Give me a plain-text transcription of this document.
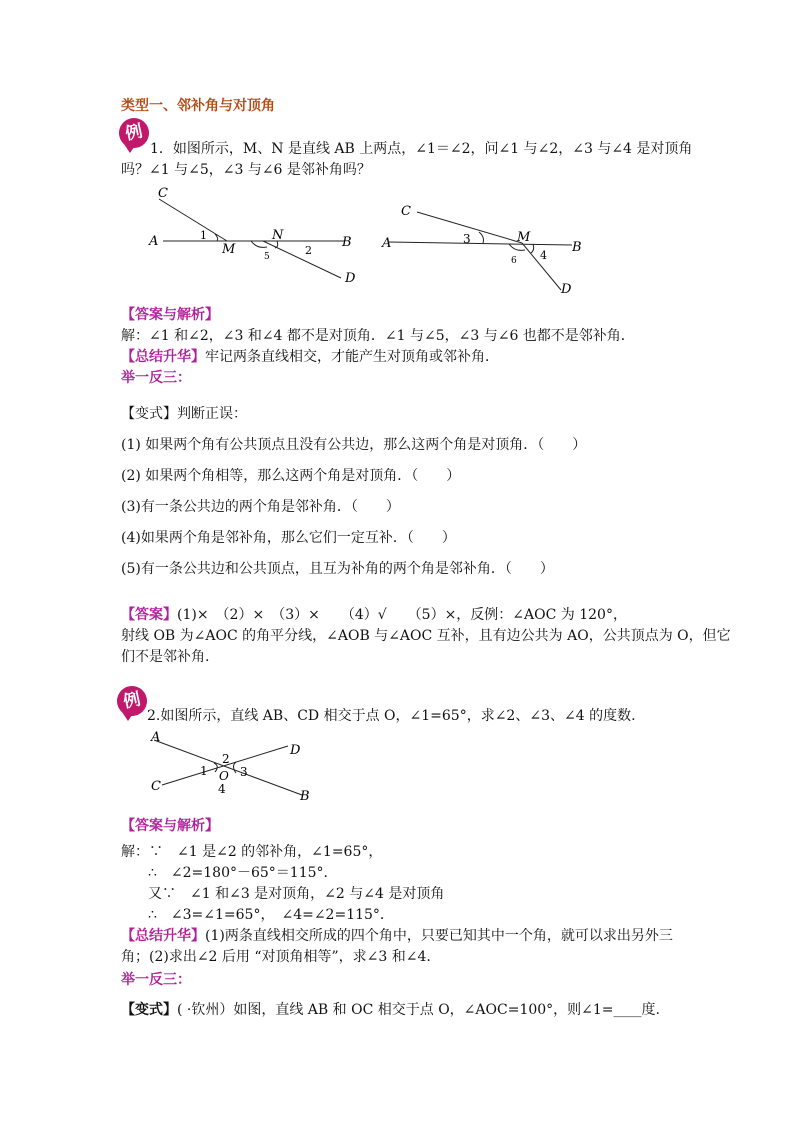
类型一、邻补角与对顶角
例
1．如图所示，M、N 是直线 AB 上两点，∠1＝∠2，问∠1 与∠2，∠3 与∠4 是对顶角
吗？∠1 与∠5，∠3 与∠6 是邻补角吗？
C
A	B
D
M
N
1
2
5
C
A	B
D
M
3
4
6
【答案与解析】
解：∠1 和∠2，∠3 和∠4 都不是对顶角．∠1 与∠5，∠3 与∠6 也都不是邻补角．
【总结升华】牢记两条直线相交，才能产生对顶角或邻补角．
举一反三：
【变式】判断正误：
(1) 如果两个角有公共顶点且没有公共边，那么这两个角是对顶角．（　　）
(2) 如果两个角相等，那么这两个角是对顶角．（　　）
(3)有一条公共边的两个角是邻补角．（　　）
(4)如果两个角是邻补角，那么它们一定互补．（　　）
(5)有一条公共边和公共顶点，且互为补角的两个角是邻补角．（　　）
【答案】(1)×　（2）×　（3）×　　（4）√　　（5）×，反例：∠AOC 为 120°，
射线 OB 为∠AOC 的角平分线，∠AOB 与∠AOC 互补，且有边公共为 AO，公共顶点为 O，但它
们不是邻补角.
例
2.如图所示，直线 AB、CD 相交于点 O，∠1=65°，求∠2、∠3、∠4 的度数.
A
D
C
B
O
2
1	3
4
【答案与解析】
解：∵　∠1 是∠2 的邻补角，∠1=65°，
∴　∠2=180°－65°＝115°．
又∵　∠1 和∠3 是对顶角，∠2 与∠4 是对顶角
∴　∠3=∠1=65°，　∠4=∠2=115°．
【总结升华】(1)两条直线相交所成的四个角中，只要已知其中一个角，就可以求出另外三
角；(2)求出∠2 后用 “对顶角相等”，求∠3 和∠4.
举一反三：
【变式】( ·钦州）如图，直线 AB 和 OC 相交于点 O，∠AOC=100°，则∠1=____度.
